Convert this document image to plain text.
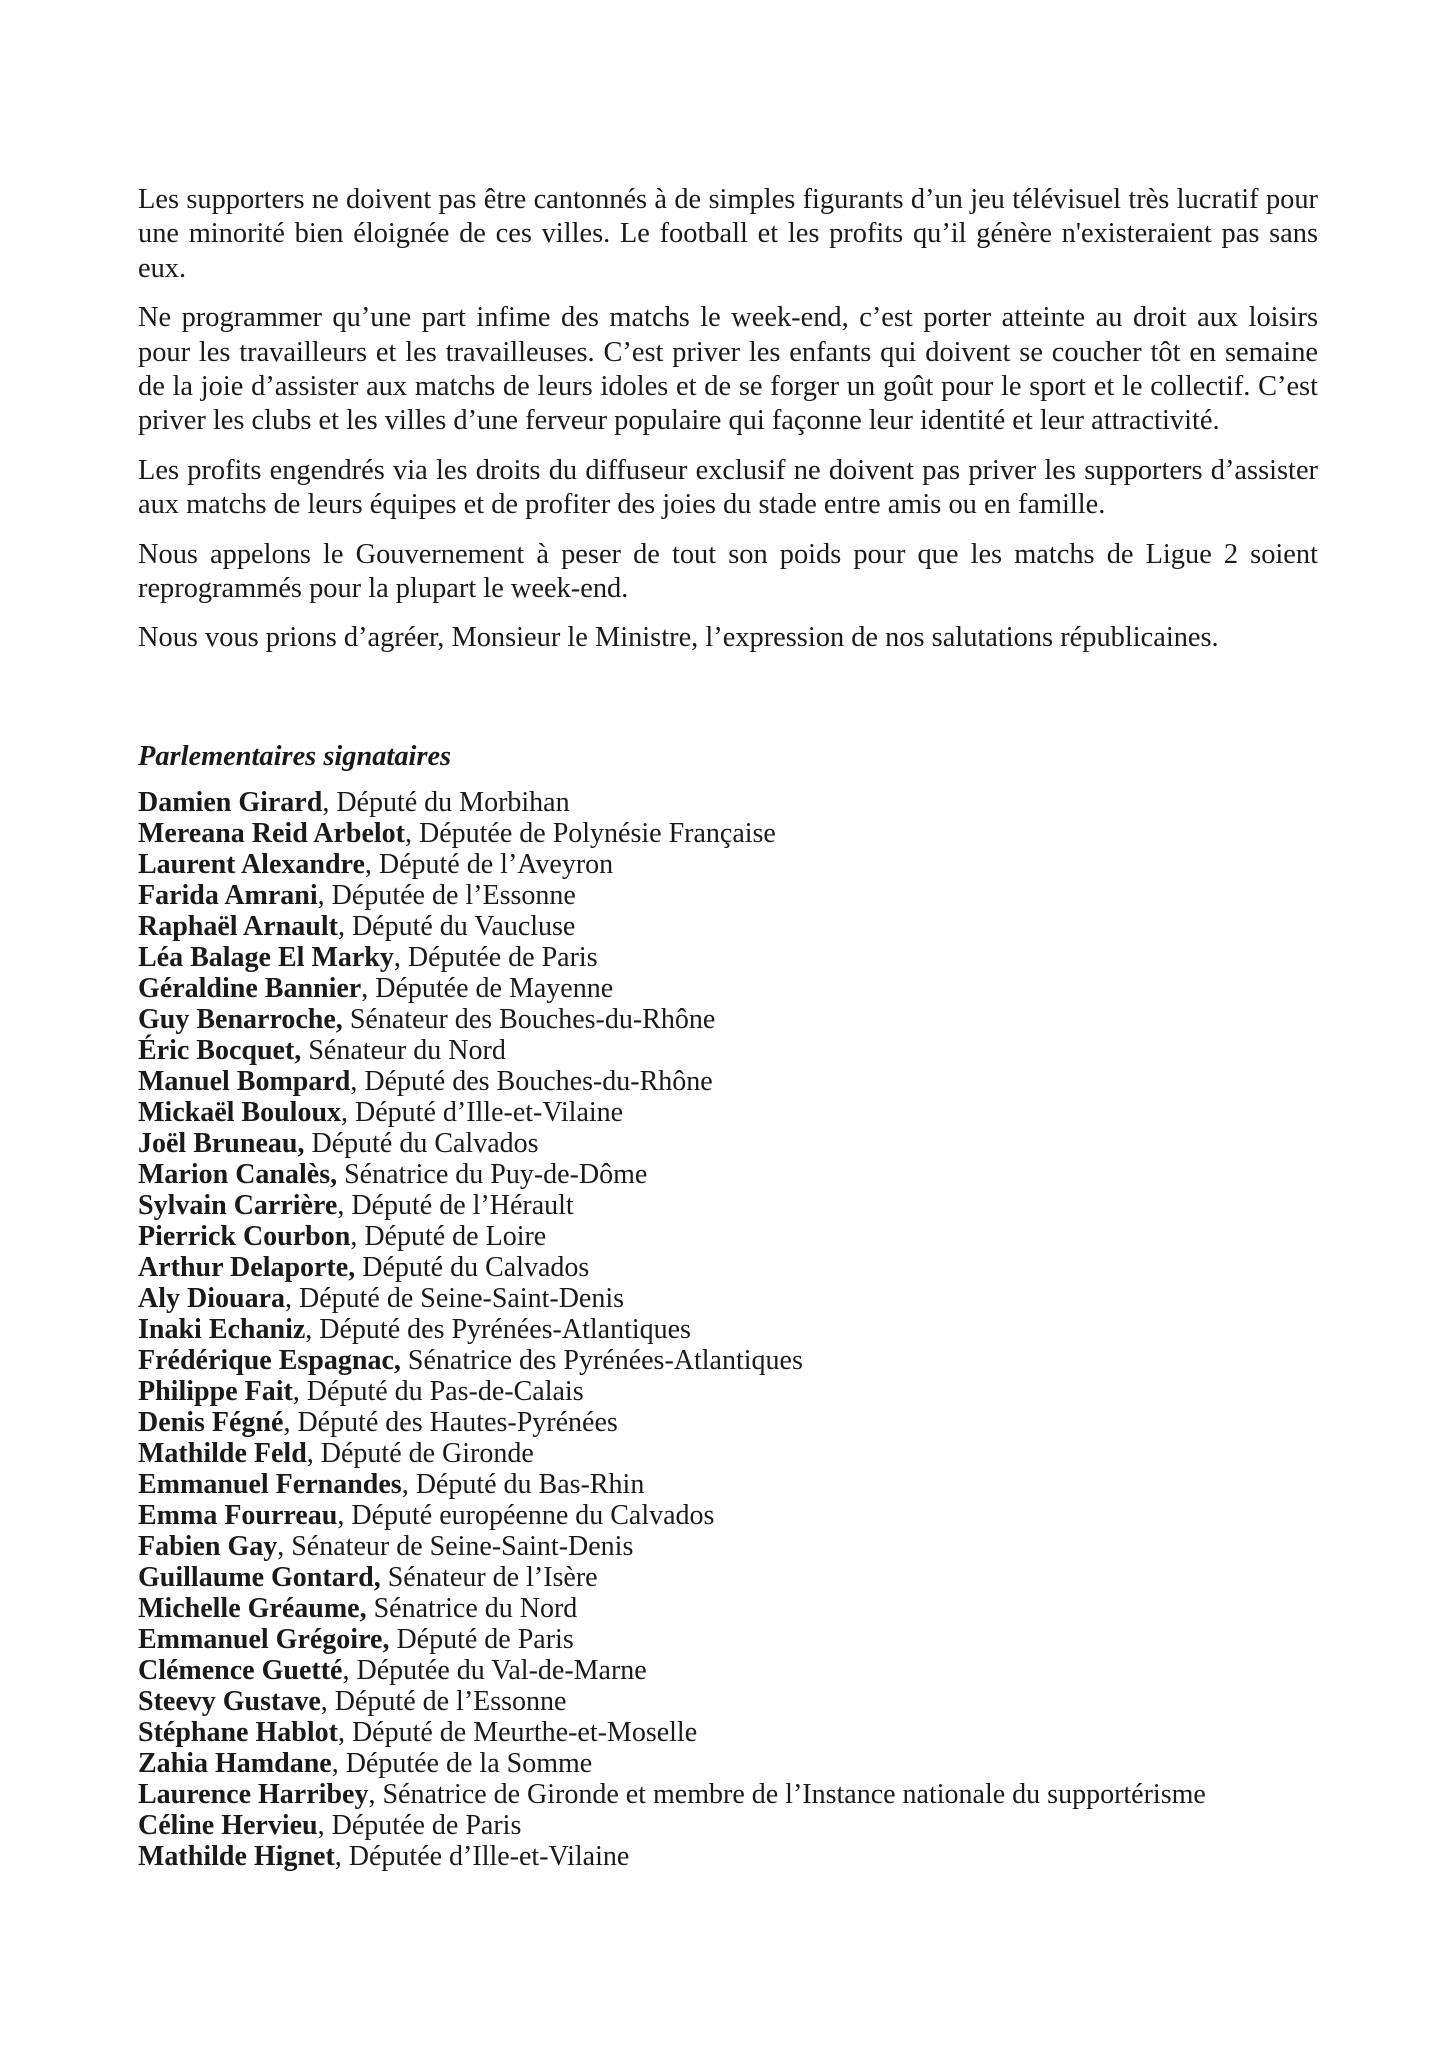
Les supporters ne doivent pas être cantonnés à de simples figurants d’un jeu télévisuel très lucratif pour une minorité bien éloignée de ces villes. Le football et les profits qu’il génère n'existeraient pas sans eux.

Ne programmer qu’une part infime des matchs le week-end, c’est porter atteinte au droit aux loisirs pour les travailleurs et les travailleuses. C’est priver les enfants qui doivent se coucher tôt en semaine de la joie d’assister aux matchs de leurs idoles et de se forger un goût pour le sport et le collectif. C’est priver les clubs et les villes d’une ferveur populaire qui façonne leur identité et leur attractivité.

Les profits engendrés via les droits du diffuseur exclusif ne doivent pas priver les supporters d’assister aux matchs de leurs équipes et de profiter des joies du stade entre amis ou en famille.

Nous appelons le Gouvernement à peser de tout son poids pour que les matchs de Ligue 2 soient reprogrammés pour la plupart le week-end.

Nous vous prions d’agréer, Monsieur le Ministre, l’expression de nos salutations républicaines.

Parlementaires signataires

Damien Girard, Député du Morbihan
Mereana Reid Arbelot, Députée de Polynésie Française
Laurent Alexandre, Député de l’Aveyron
Farida Amrani, Députée de l’Essonne
Raphaël Arnault, Député du Vaucluse
Léa Balage El Marky, Députée de Paris
Géraldine Bannier, Députée de Mayenne
Guy Benarroche, Sénateur des Bouches-du-Rhône
Éric Bocquet, Sénateur du Nord
Manuel Bompard, Député des Bouches-du-Rhône
Mickaël Bouloux, Député d’Ille-et-Vilaine
Joël Bruneau, Député du Calvados
Marion Canalès, Sénatrice du Puy-de-Dôme
Sylvain Carrière, Député de l’Hérault
Pierrick Courbon, Député de Loire
Arthur Delaporte, Député du Calvados
Aly Diouara, Député de Seine-Saint-Denis
Inaki Echaniz, Député des Pyrénées-Atlantiques
Frédérique Espagnac, Sénatrice des Pyrénées-Atlantiques
Philippe Fait, Député du Pas-de-Calais
Denis Fégné, Député des Hautes-Pyrénées
Mathilde Feld, Député de Gironde
Emmanuel Fernandes, Député du Bas-Rhin
Emma Fourreau, Député européenne du Calvados
Fabien Gay, Sénateur de Seine-Saint-Denis
Guillaume Gontard, Sénateur de l’Isère
Michelle Gréaume, Sénatrice du Nord
Emmanuel Grégoire, Député de Paris
Clémence Guetté, Députée du Val-de-Marne
Steevy Gustave, Député de l’Essonne
Stéphane Hablot, Député de Meurthe-et-Moselle
Zahia Hamdane, Députée de la Somme
Laurence Harribey, Sénatrice de Gironde et membre de l’Instance nationale du supportérisme
Céline Hervieu, Députée de Paris
Mathilde Hignet, Députée d’Ille-et-Vilaine
